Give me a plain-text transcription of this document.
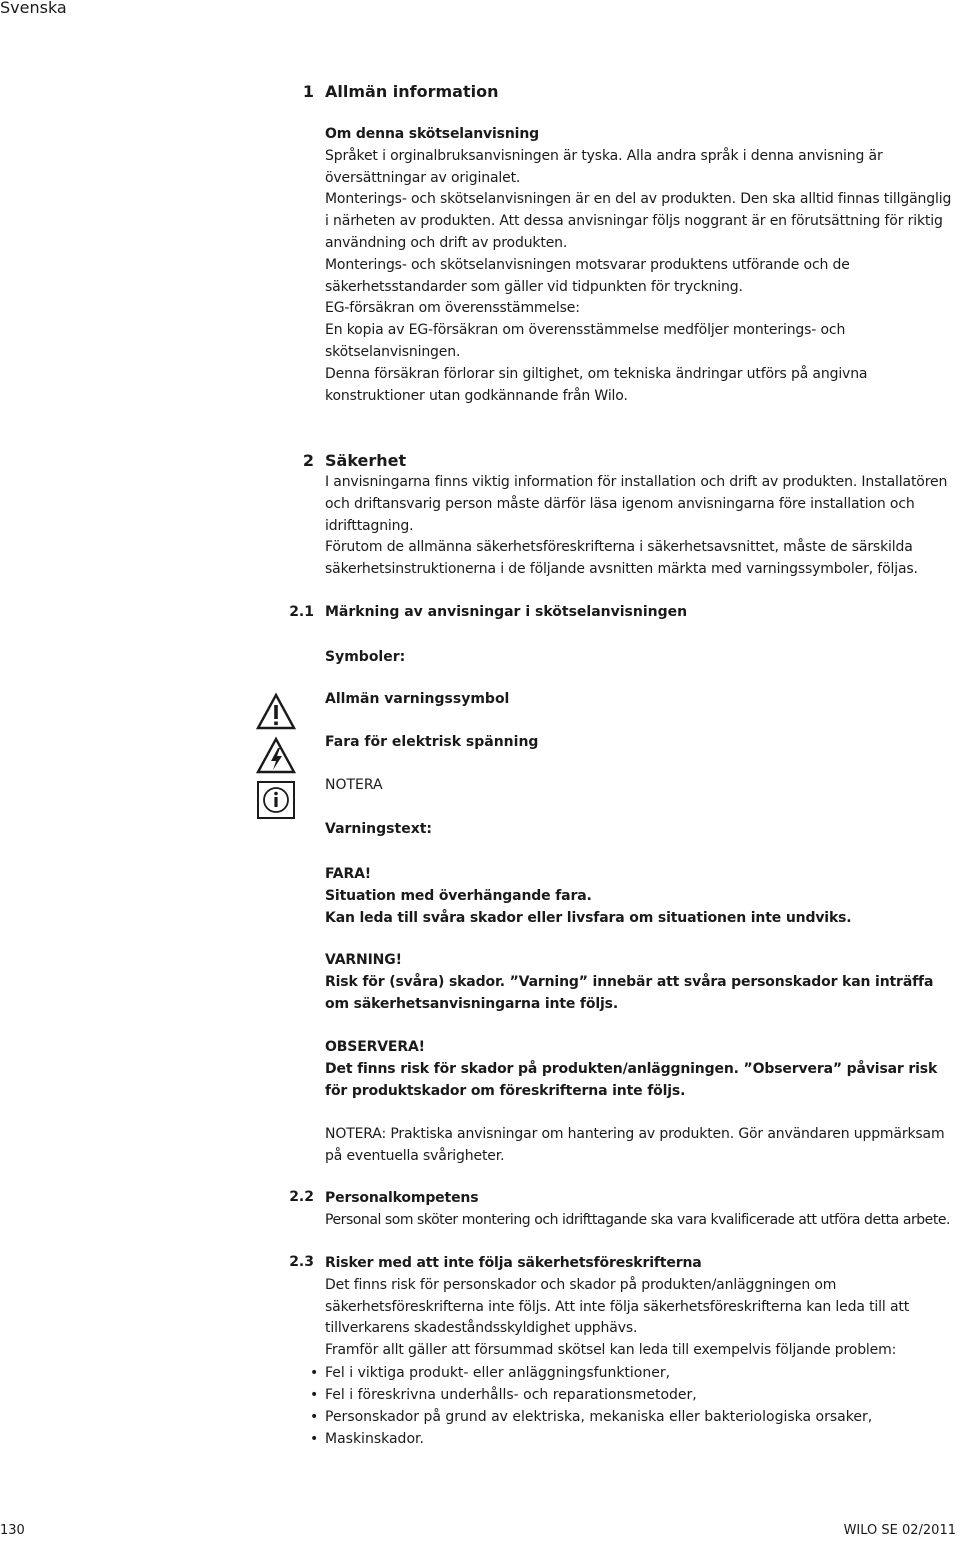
Svenska
1 Allmän information

Om denna skötselanvisning

Språket i orginalbruksanvisningen är tyska. Alla andra språk i denna anvisning är översättningar av originalet.

Monterings- och skötselanvisningen är en del av produkten. Den ska alltid finnas tillgänglig i närheten av produkten. Att dessa anvisningar följs noggrant är en förutsättning för riktig användning och drift av produkten.

Monterings- och skötselanvisningen motsvarar produktens utförande och de säkerhetsstandarder som gäller vid tidpunkten för tryckning.

EG-försäkran om överensstämmelse:

En kopia av EG-försäkran om överensstämmelse medföljer monterings- och skötselanvisningen.

Denna försäkran förlorar sin giltighet, om tekniska ändringar utförs på angivna konstruktioner utan godkännande från Wilo.

2 Säkerhet

I anvisningarna finns viktig information för installation och drift av produkten. Installatören och driftansvarig person måste därför läsa igenom anvisningarna före installation och idrifttagning.

Förutom de allmänna säkerhetsföreskrifterna i säkerhetsavsnittet, måste de särskilda säkerhetsinstruktionerna i de följande avsnitten märkta med varningssymboler, följas.

2.1 Märkning av anvisningar i skötselanvisningen
Symboler:
Allmän varningssymbol
Fara för elektrisk spänning
NOTERA
Varningstext:

FARA!

Situation med överhängande fara.

Kan leda till svåra skador eller livsfara om situationen inte undviks.

VARNING!

Risk för (svåra) skador. ”Varning” innebär att svåra personskador kan inträffa om säkerhetsanvisningarna inte följs.

OBSERVERA!

Det finns risk för skador på produkten/anläggningen. ”Observera” påvisar risk för produktskador om föreskrifterna inte följs.

NOTERA: Praktiska anvisningar om hantering av produkten. Gör användaren uppmärksam på eventuella svårigheter.
2.2 Personalkompetens

Personal som sköter montering och idrifttagande ska vara kvalificerade att utföra detta arbete.

2.3 Risker med att inte följa säkerhetsföreskrifterna

Det finns risk för personskador och skador på produkten/anläggningen om säkerhetsföreskrifterna inte följs. Att inte följa säkerhetsföreskrifterna kan leda till att tillverkarens skadeståndsskyldighet upphävs.

Framför allt gäller att försummad skötsel kan leda till exempelvis följande problem:

• Fel i viktiga produkt- eller anläggningsfunktioner,
• Fel i föreskrivna underhålls- och reparationsmetoder,
• Personskador på grund av elektriska, mekaniska eller bakteriologiska orsaker,
• Maskinskador.
130	WILO SE 02/2011
